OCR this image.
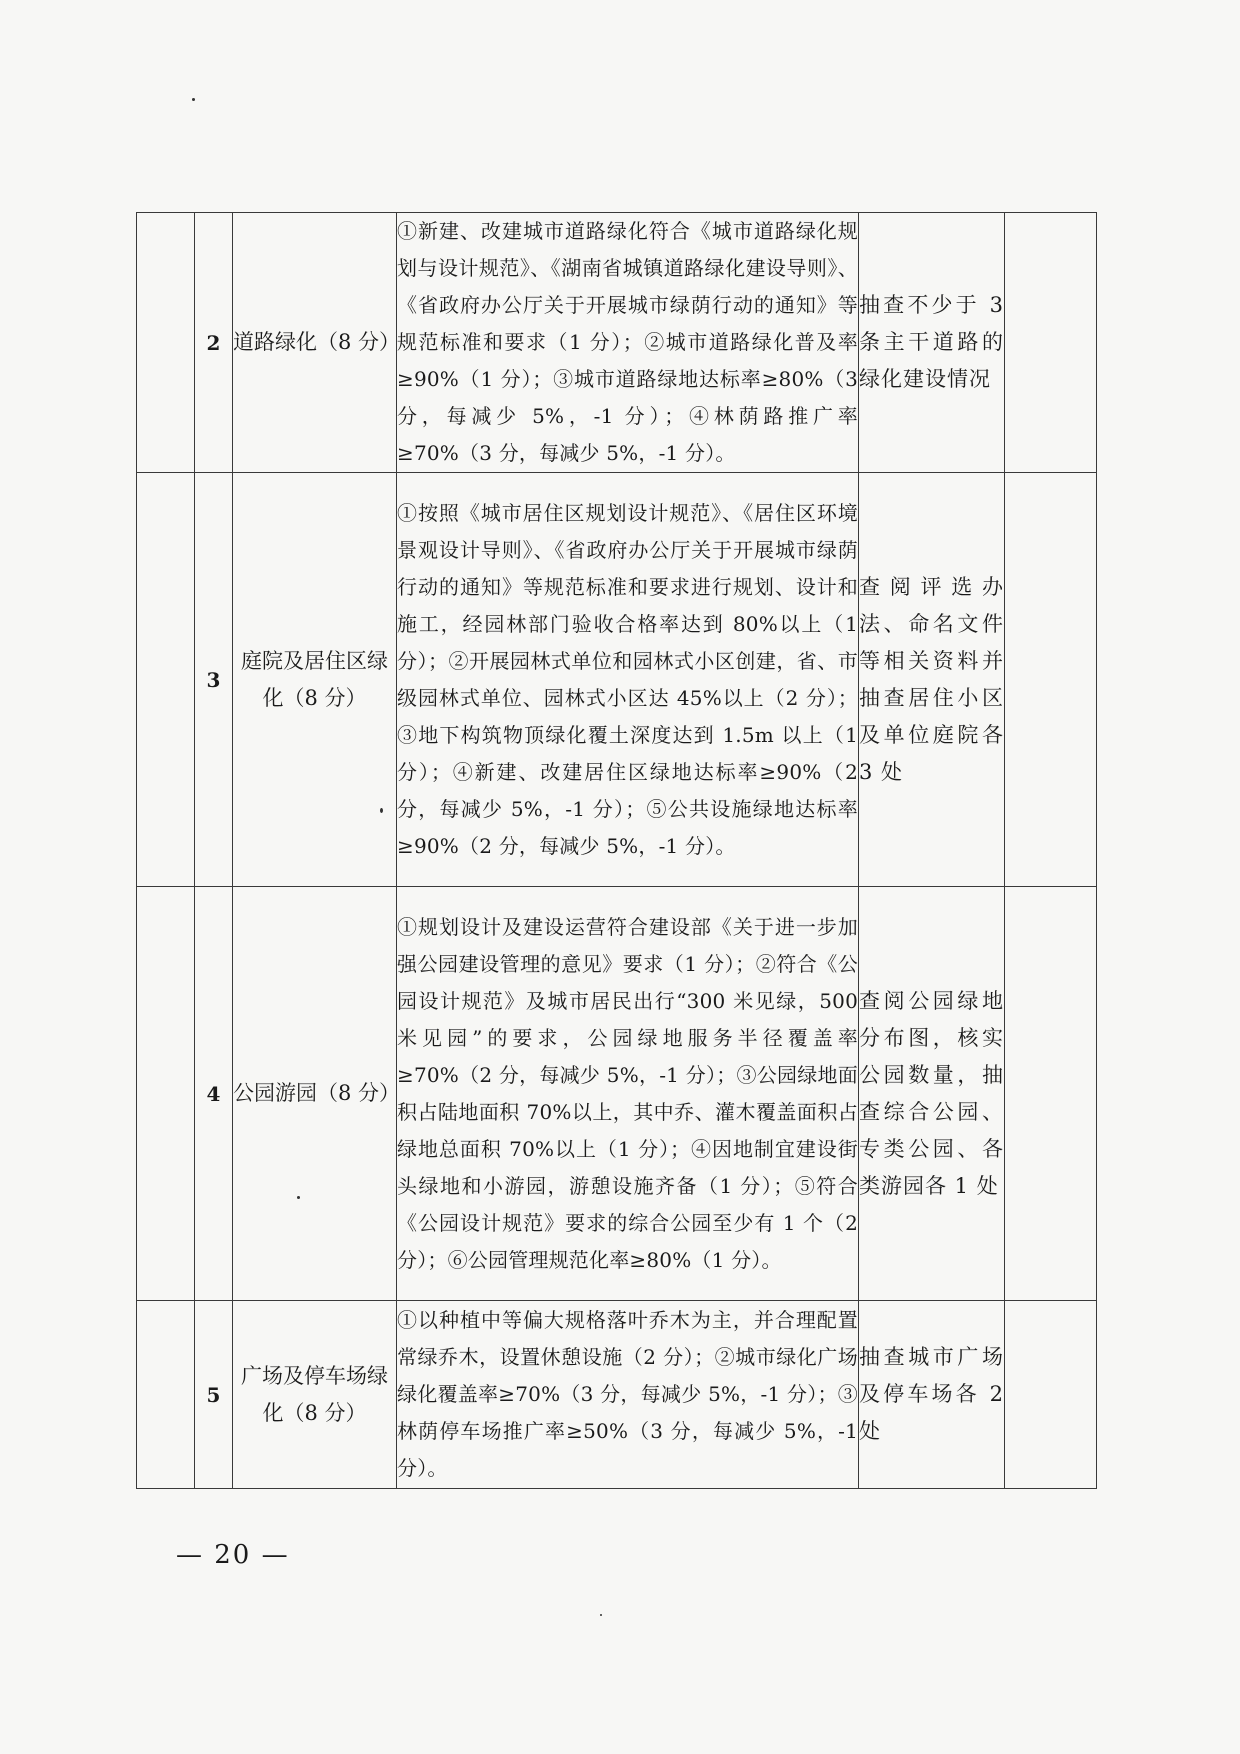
	2	道路绿化（8 分）	①新建、改建城市道路绿化符合《城市道路绿化规划与设计规范》、《湖南省城镇道路绿化建设导则》、《省政府办公厅关于开展城市绿荫行动的通知》等规范标准和要求（1 分）；②城市道路绿化普及率≥90%（1 分）；③城市道路绿地达标率≥80%（3 分，每减少 5%，-1 分）；④林荫路推广率≥70%（3 分，每减少 5%，-1 分）。	抽查不少于 3 条主干道路的绿化建设情况	
	3	庭院及居住区绿化（8 分）	①按照《城市居住区规划设计规范》、《居住区环境景观设计导则》、《省政府办公厅关于开展城市绿荫行动的通知》等规范标准和要求进行规划、设计和施工，经园林部门验收合格率达到 80%以上（1 分）；②开展园林式单位和园林式小区创建，省、市级园林式单位、园林式小区达 45%以上（2 分）；③地下构筑物顶绿化覆土深度达到 1.5m 以上（1 分）；④新建、改建居住区绿地达标率≥90%（2 分，每减少 5%，-1 分）；⑤公共设施绿地达标率≥90%（2 分，每减少 5%，-1 分）。	查阅评选办法、命名文件等相关资料并抽查居住小区及单位庭院各 3 处	
	4	公园游园（8 分）	①规划设计及建设运营符合建设部《关于进一步加强公园建设管理的意见》要求（1 分）；②符合《公园设计规范》及城市居民出行“300 米见绿，500 米见园”的要求，公园绿地服务半径覆盖率≥70%（2 分，每减少 5%，-1 分）；③公园绿地面积占陆地面积 70%以上，其中乔、灌木覆盖面积占绿地总面积 70%以上（1 分）；④因地制宜建设街头绿地和小游园，游憩设施齐备（1 分）；⑤符合《公园设计规范》要求的综合公园至少有 1 个（2 分）；⑥公园管理规范化率≥80%（1 分）。	查阅公园绿地分布图，核实公园数量，抽查综合公园、专类公园、各类游园各 1 处	
	5	广场及停车场绿化（8 分）	①以种植中等偏大规格落叶乔木为主，并合理配置常绿乔木，设置休憩设施（2 分）；②城市绿化广场绿化覆盖率≥70%（3 分，每减少 5%，-1 分）；③林荫停车场推广率≥50%（3 分，每减少 5%，-1 分）。	抽查城市广场及停车场各 2 处	
— 20 —
